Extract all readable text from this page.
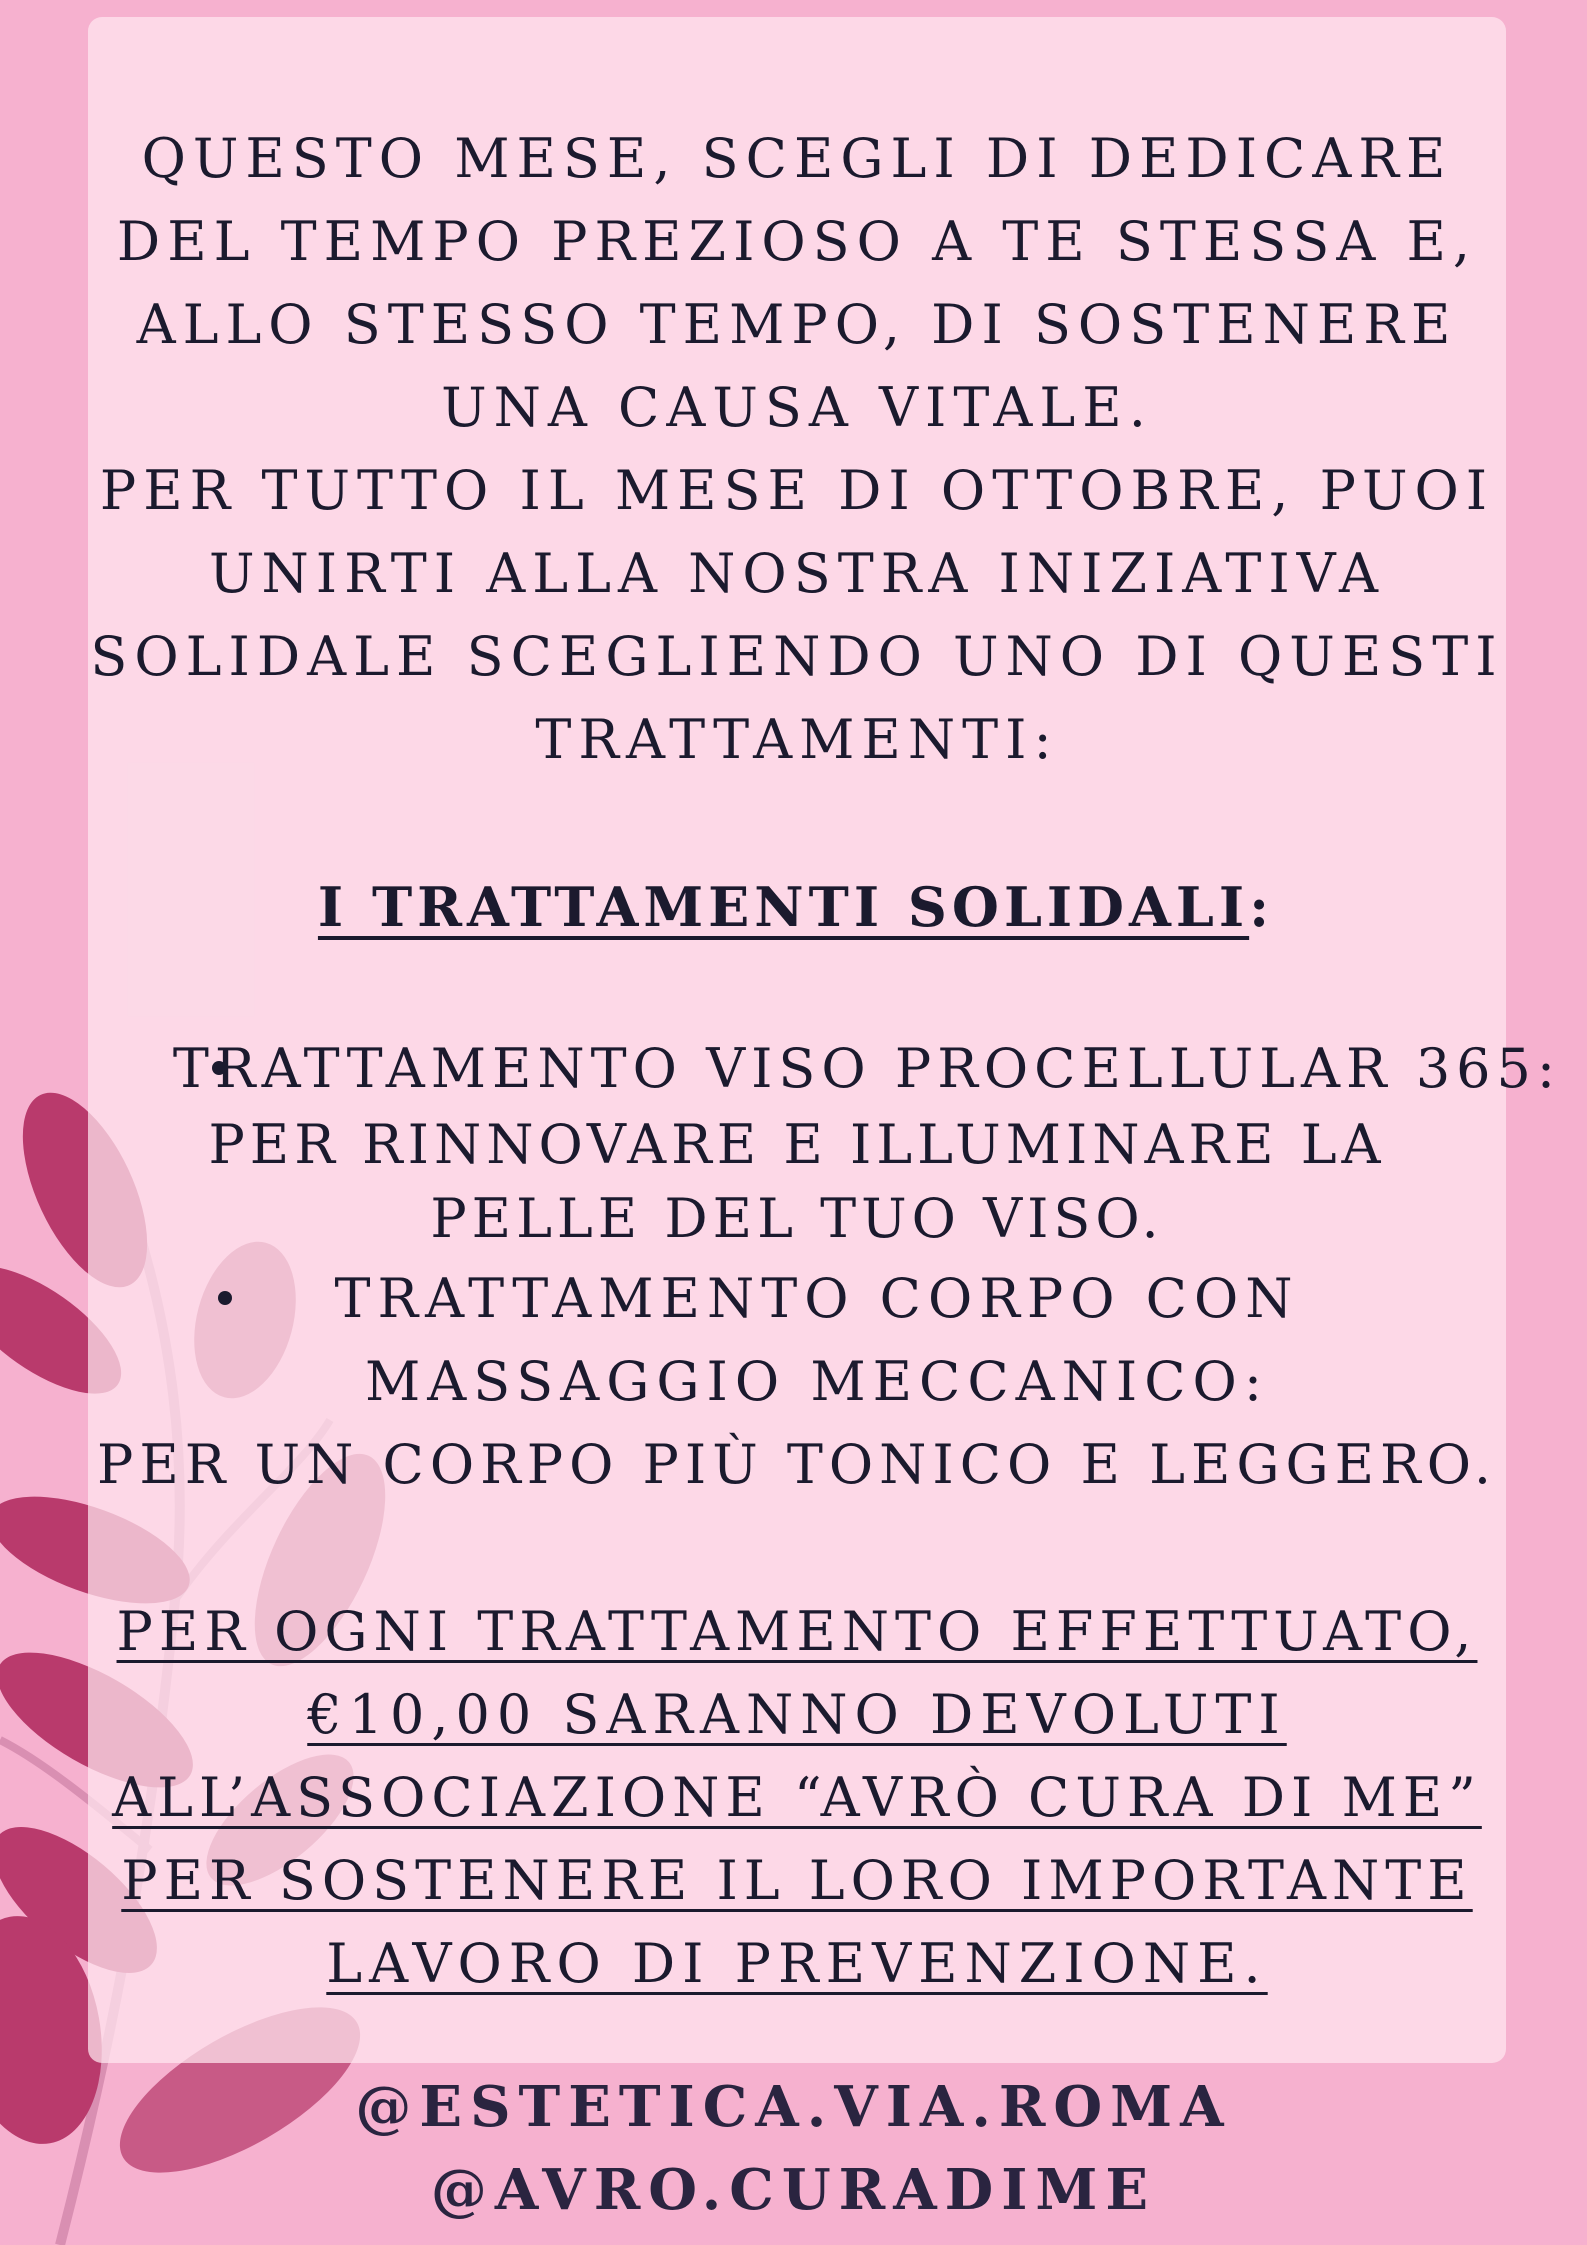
QUESTO MESE, SCEGLI DI DEDICARE
DEL TEMPO PREZIOSO A TE STESSA E,
ALLO STESSO TEMPO, DI SOSTENERE
UNA CAUSA VITALE.
PER TUTTO IL MESE DI OTTOBRE, PUOI
UNIRTI ALLA NOSTRA INIZIATIVA
SOLIDALE SCEGLIENDO UNO DI QUESTI
TRATTAMENTI:
I TRATTAMENTI SOLIDALI:
TRATTAMENTO VISO PROCELLULAR 365:
PER RINNOVARE E ILLUMINARE LA
PELLE DEL TUO VISO.
TRATTAMENTO CORPO CON
MASSAGGIO MECCANICO:
PER UN CORPO PIÙ TONICO E LEGGERO.
PER OGNI TRATTAMENTO EFFETTUATO,
€10,00 SARANNO DEVOLUTI
ALL’ASSOCIAZIONE “AVRÒ CURA DI ME”
PER SOSTENERE IL LORO IMPORTANTE
LAVORO DI PREVENZIONE.
@ESTETICA.VIA.ROMA
@AVRO.CURADIME
